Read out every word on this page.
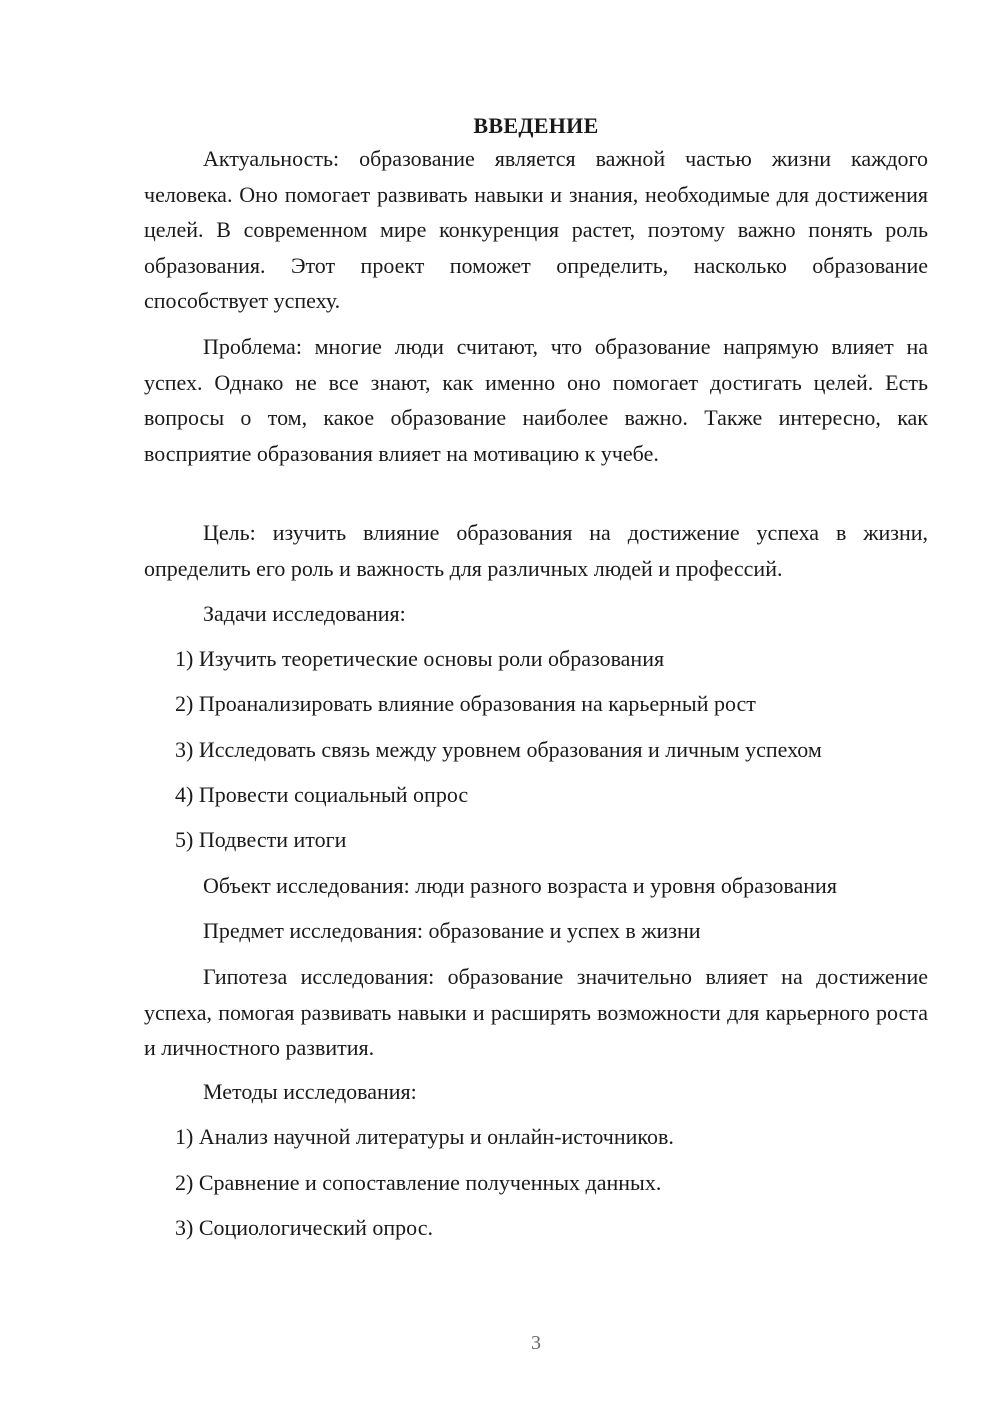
ВВЕДЕНИЕ

Актуальность: образование является важной частью жизни каждого человека. Оно помогает развивать навыки и знания, необходимые для достижения целей. В современном мире конкуренция растет, поэтому важно понять роль образования. Этот проект поможет определить, насколько образование способствует успеху.

Проблема: многие люди считают, что образование напрямую влияет на успех. Однако не все знают, как именно оно помогает достигать целей. Есть вопросы о том, какое образование наиболее важно. Также интересно, как восприятие образования влияет на мотивацию к учебе.

Цель: изучить влияние образования на достижение успеха в жизни, определить его роль и важность для различных людей и профессий.

Задачи исследования:

1) Изучить теоретические основы роли образования

2) Проанализировать влияние образования на карьерный рост

3) Исследовать связь между уровнем образования и личным успехом

4) Провести социальный опрос

5) Подвести итоги

Объект исследования: люди разного возраста и уровня образования

Предмет исследования: образование и успех в жизни

Гипотеза исследования: образование значительно влияет на достижение успеха, помогая развивать навыки и расширять возможности для карьерного роста и личностного развития.

Методы исследования:

1) Анализ научной литературы и онлайн-источников.

2) Сравнение и сопоставление полученных данных.

3) Социологический опрос.

3
